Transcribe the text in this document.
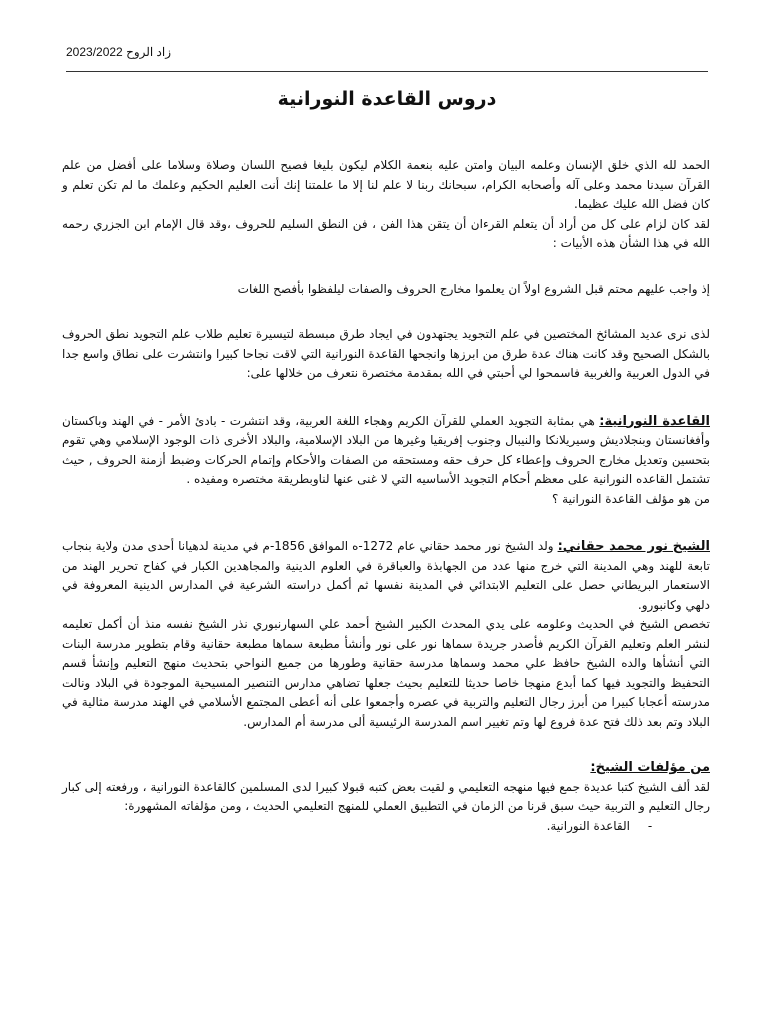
زاد الروح 2023/2022
دروس القاعدة النورانية

الحمد لله الذي خلق الإنسان وعلمه البيان وامتن عليه بنعمة الكلام ليكون بليغا فصيح اللسان وصلاة وسلاما على أفضل من علم القرآن سيدنا محمد وعلى آله وأصحابه الكرام، سبحانك ربنا لا علم لنا إلا ما علمتنا إنك أنت العليم الحكيم وعلمك ما لم تكن تعلم و كان فضل الله عليك عظيما.

لقد كان لزام على كل من أراد أن يتعلم القرءان أن يتقن هذا الفن ، فن النطق السليم للحروف ،وقد قال الإمام ابن الجزري رحمه الله في هذا الشأن هذه الأبيات :

إذ واجب عليهم محتم قبل الشروع اولاً ان يعلموا مخارج الحروف والصفات ليلفظوا بأفصح اللغات

لذى نرى عديد المشائخ المختصين في علم التجويد يجتهدون في ايجاد طرق مبسطة لتيسيرة تعليم طلاب علم التجويد نطق الحروف بالشكل الصحيح وقد كانت هناك عدة طرق من ابرزها وانجحها القاعدة النورانية التي لاقت نجاحا كبيرا وانتشرت على نطاق واسع جدا في الدول العربية والغربية فاسمحوا لي أحبتي في الله بمقدمة مختصرة نتعرف من خلالها على:

القاعدة النورانية: هي بمثابة التجويد العملي للقرآن الكريم وهجاء اللغة العربية، وقد انتشرت - بادئ الأمر - في الهند وباكستان وأفغانستان وبنجلاديش وسيريلانكا والنيبال وجنوب إفريقيا وغيرها من البلاد الإسلامية، والبلاد الأخرى ذات الوجود الإسلامي وهي تقوم بتحسين وتعديل مخارج الحروف وإعطاء كل حرف حقه ومستحقه من الصفات والأحكام وإتمام الحركات وضبط أزمنة الحروف , حيث تشتمل القاعده النورانية على معظم أحكام التجويد الأساسيه التي لا غنى عنها لناوبطريقة مختصره ومفيده .

من هو مؤلف القاعدة النورانية ؟

الشيخ نور محمد حقاني: ولد الشيخ نور محمد حقاني عام 1272-ه الموافق 1856-م في مدينة لدهيانا أحدى مدن ولاية بنجاب تابعة للهند وهي المدينة التي خرج منها عدد من الجهابذة والعباقرة في العلوم الدينية والمجاهدين الكبار في كفاح تحرير الهند من الاستعمار البريطاني حصل على التعليم الابتدائي في المدينة نفسها ثم أكمل دراسته الشرعية في المدارس الدينية المعروفة في دلهي وكانبورو.

تخصص الشيخ في الحديث وعلومه على يدي المحدث الكبير الشيخ أحمد علي السهارنبوري نذر الشيخ نفسه منذ أن أكمل تعليمه لنشر العلم وتعليم القرآن الكريم فأصدر جريدة سماها نور على نور وأنشأ مطبعة سماها مطبعة حقانية وقام بتطوير مدرسة البنات التي أنشأها والده الشيخ حافظ علي محمد وسماها مدرسة حقانية وطورها من جميع النواحي بتحديث منهج التعليم وإنشأ قسم التحفيظ والتجويد فيها كما أبدع منهجا خاصا حديثا للتعليم بحيث جعلها تضاهي مدارس التنصير المسيحية الموجودة في البلاد ونالت مدرسته أعجابا كبيرا من أبرز رجال التعليم والتربية في عصره وأجمعوا على أنه أعطى المجتمع الأسلامي في الهند مدرسة مثالية في البلاد وتم بعد ذلك فتح عدة فروع لها وتم تغيير اسم المدرسة الرئيسية ألى مدرسة أم المدارس.

من مؤلفات الشيخ:

لقد ألف الشيخ كتبا عديدة جمع فيها منهجه التعليمي و لقيت بعض كتبه قبولا كبيرا لدى المسلمين كالقاعدة النورانية ، ورفعته إلى كبار رجال التعليم و التربية حيث سبق قرنا من الزمان في التطبيق العملي للمنهج التعليمي الحديث ، ومن مؤلفاته المشهورة:

-
القاعدة النورانية.
